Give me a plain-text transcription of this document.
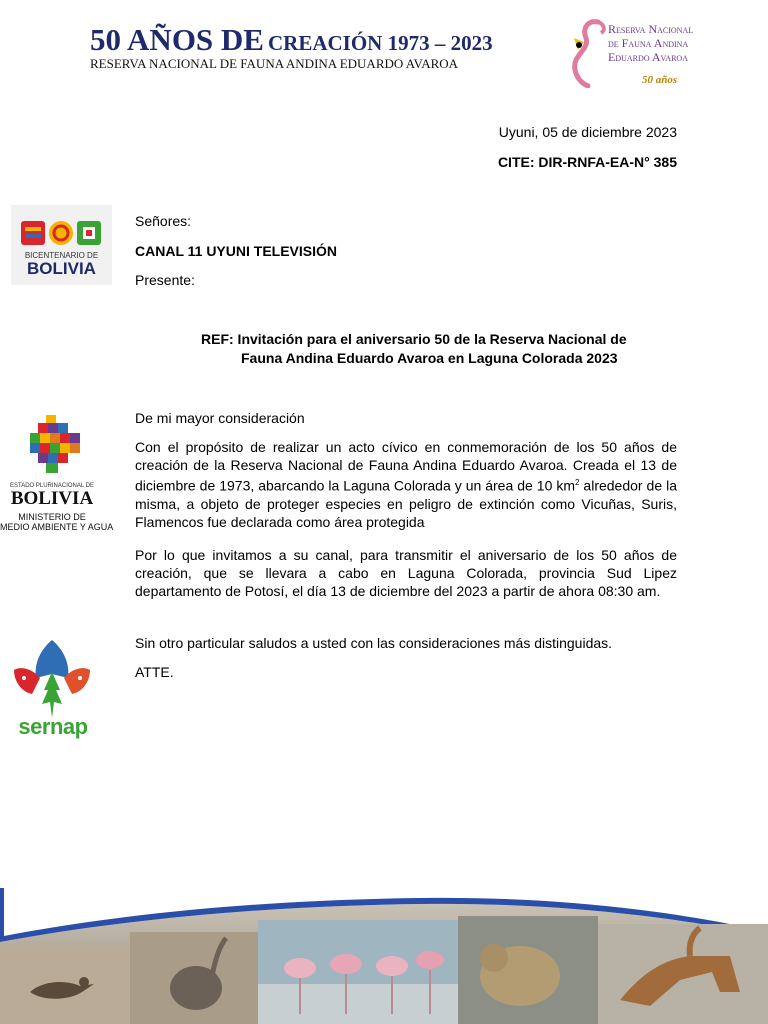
50 AÑOS DE CREACIÓN 1973 – 2023
RESERVA NACIONAL DE FAUNA ANDINA EDUARDO AVAROA
Reserva Nacional
de Fauna Andina
Eduardo Avaroa
50 años
Uyuni, 05 de diciembre 2023
CITE: DIR-RNFA-EA-N° 385
BICENTENARIO DE
BOLIVIA
Señores:
CANAL 11 UYUNI TELEVISIÓN
Presente:
REF: Invitación para el aniversario 50 de la Reserva Nacional de
Fauna Andina Eduardo Avaroa en Laguna Colorada 2023
ESTADO PLURINACIONAL DE
BOLIVIA
MINISTERIO DE
MEDIO AMBIENTE Y AGUA
De mi mayor consideración
Con el propósito de realizar un acto cívico en conmemoración de los 50 años de creación de la Reserva Nacional de Fauna Andina Eduardo Avaroa. Creada el 13 de diciembre de 1973, abarcando la Laguna Colorada y un área de 10 $km^2$ alrededor de la misma, a objeto de proteger especies en peligro de extinción como Vicuñas, Suris, Flamencos fue declarada como área protegida
Por lo que invitamos a su canal, para transmitir el aniversario de los 50 años de creación, que se llevara a cabo en Laguna Colorada, provincia Sud Lipez departamento de Potosí, el día 13 de diciembre del 2023 a partir de ahora 08:30 am.
Sin otro particular saludos a usted con las consideraciones más distinguidas.
ATTE.
sernap
